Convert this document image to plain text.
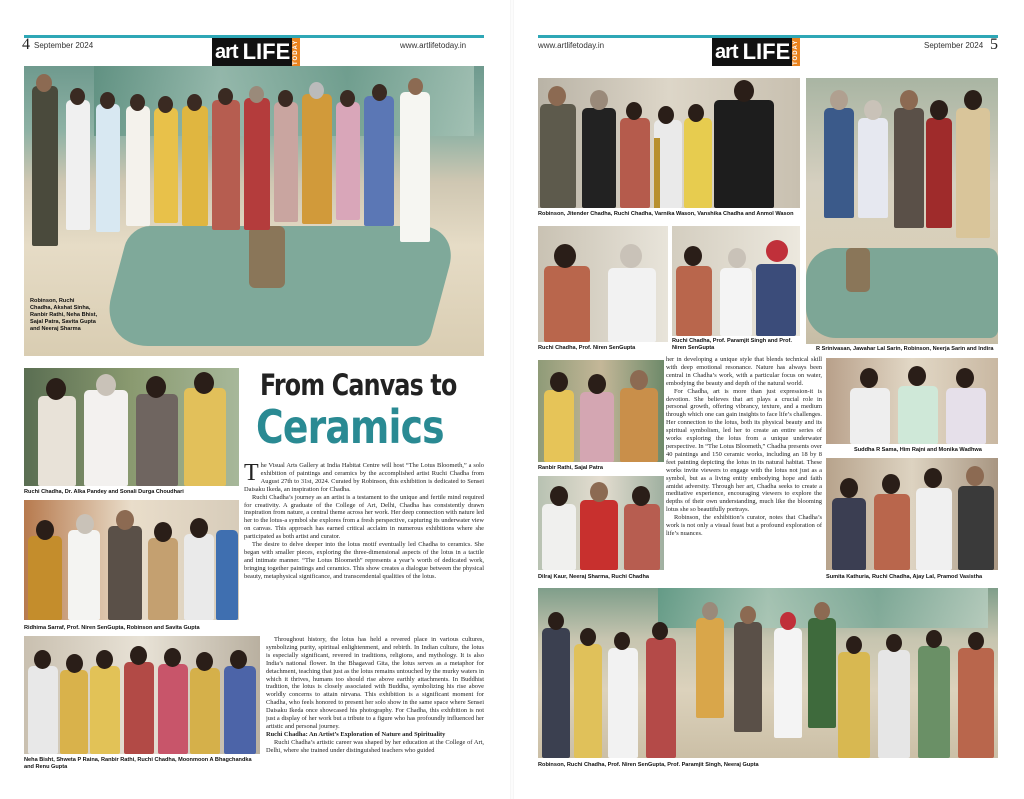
4 September 2024	art LIFE TODAY	www.artlifetoday.in
Robinson, Ruchi Chadha, Akshat Sinha, Ranbir Rathi, Neha Bhist, Sajal Patra, Savita Gupta and Neeraj Sharma
Ruchi Chadha, Dr. Alka Pandey and Sonali Durga Choudhari
Ridhima Sarraf, Prof. Niren SenGupta, Robinson and Savita Gupta
Neha Bisht, Shweta P Raina, Ranbir Rathi, Ruchi Chadha, Moonmoon A Bhagchandka and Renu Gupta
From Canvas to
Ceramics

The Visual Arts Gallery at India Habitat Centre will host “The Lotus Bloometh,” a solo exhibition of paintings and ceramics by the accomplished artist Ruchi Chadha from August 27th to 31st, 2024. Curated by Robinson, this exhibition is dedicated to Sensei Daisaku Ikeda, an inspiration for Chadha.

Ruchi Chadha’s journey as an artist is a testament to the unique and fertile mind required for creativity. A graduate of the College of Art, Delhi, Chadha has consistently drawn inspiration from nature, a central theme across her work. Her deep connection with nature led her to the lotus-a symbol she explores from a fresh perspective, capturing its underwater view on canvas. This approach has earned critical acclaim in numerous exhibitions where she participated as both artist and curator.

The desire to delve deeper into the lotus motif eventually led Chadha to ceramics. She began with smaller pieces, exploring the three-dimensional aspects of the lotus in a tactile and intimate manner. “The Lotus Bloometh” represents a year’s worth of dedicated work, bringing together paintings and ceramics. This show creates a dialogue between the physical beauty, metaphysical significance, and transcendental qualities of the lotus.

Throughout history, the lotus has held a revered place in various cultures, symbolizing purity, spiritual enlightenment, and rebirth. In Indian culture, the lotus is especially significant, revered in traditions, religions, and mythology. It is also India’s national flower. In the Bhagavad Gita, the lotus serves as a metaphor for detachment, teaching that just as the lotus remains untouched by the murky waters in which it thrives, humans too should rise above earthly attachments. In Buddhist tradition, the lotus is closely associated with Buddha, symbolizing his rise above worldly concerns to attain nirvana. This exhibition is a significant moment for Chadha, who feels honored to present her solo show in the same space where Sensei Daisaku Ikeda once showcased his photography. For Chadha, this exhibition is not just a display of her work but a tribute to a figure who has profoundly influenced her artistic and personal journey.

Ruchi Chadha: An Artist’s Exploration of Nature and Spirituality

Ruchi Chadha’s artistic career was shaped by her education at the College of Art, Delhi, where she trained under distinguished teachers who guided

www.artlifetoday.in	art LIFE TODAY	September 2024 5
Robinson, Jitender Chadha, Ruchi Chadha, Varnika Wason, Vanshika Chadha and Anmol Wason
R Srinivasan, Jawahar Lal Sarin, Robinson, Neerja Sarin and Indira
Ruchi Chadha, Prof. Niren SenGupta
Ruchi Chadha, Prof. Paramjit Singh and Prof. Niren SenGupta
Ranbir Rathi, Sajal Patra
Dilraj Kaur, Neeraj Sharma, Ruchi Chadha

her in developing a unique style that blends technical skill with deep emotional resonance. Nature has always been central in Chadha’s work, with a particular focus on water, embodying the beauty and depth of the natural world.

For Chadha, art is more than just expression-it is devotion. She believes that art plays a crucial role in personal growth, offering vibrancy, texture, and a medium through which one can gain insights to face life’s challenges. Her connection to the lotus, both its physical beauty and its spiritual symbolism, led her to create an entire series of works exploring the lotus from a unique underwater perspective. In “The Lotus Bloometh,” Chadha presents over 40 paintings and 150 ceramic works, including an 18 by 8 feet painting depicting the lotus in its natural habitat. These works invite viewers to engage with the lotus not just as a symbol, but as a living entity embodying hope and faith amidst adversity. Through her art, Chadha seeks to create a meditative experience, encouraging viewers to explore the depths of their own understanding, much like the blooming lotus she so beautifully portrays.

Robinson, the exhibition’s curator, notes that Chadha’s work is not only a visual feast but a profound exploration of life’s nuances.

Suddha R Sama, Him Rajni and Monika Wadhwa
Sumita Kathuria, Ruchi Chadha, Ajay Lal, Pramod Vasistha
Robinson, Ruchi Chadha, Prof. Niren SenGupta, Prof. Paramjit Singh, Neeraj Gupta
